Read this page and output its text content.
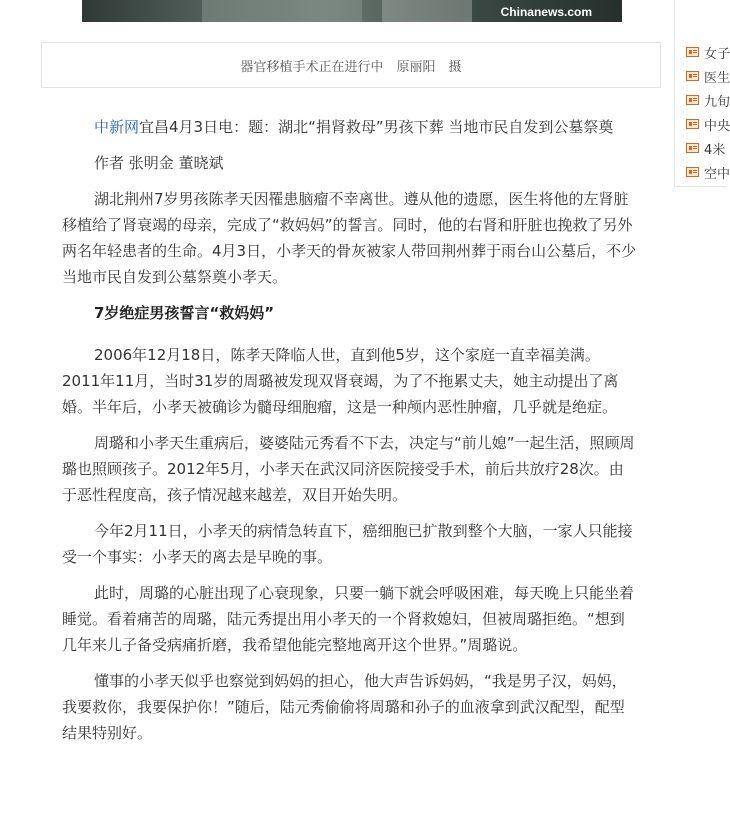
Chinanews.com
器官移植手术正在进行中　原丽阳　摄
女子
医生
九旬
中央
4米
空中

中新网宜昌4月3日电：题：湖北“捐肾救母”男孩下葬 当地市民自发到公墓祭奠

作者 张明金 董晓斌

湖北荆州7岁男孩陈孝天因罹患脑瘤不幸离世。遵从他的遗愿，医生将他的左肾脏移植给了肾衰竭的母亲，完成了“救妈妈”的誓言。同时，他的右肾和肝脏也挽救了另外两名年轻患者的生命。4月3日，小孝天的骨灰被家人带回荆州葬于雨台山公墓后，不少当地市民自发到公墓祭奠小孝天。

7岁绝症男孩誓言“救妈妈”

2006年12月18日，陈孝天降临人世，直到他5岁，这个家庭一直幸福美满。2011年11月，当时31岁的周璐被发现双肾衰竭，为了不拖累丈夫，她主动提出了离婚。半年后，小孝天被确诊为髓母细胞瘤，这是一种颅内恶性肿瘤，几乎就是绝症。

周璐和小孝天生重病后，婆婆陆元秀看不下去，决定与“前儿媳”一起生活，照顾周璐也照顾孩子。2012年5月，小孝天在武汉同济医院接受手术，前后共放疗28次。由于恶性程度高，孩子情况越来越差，双目开始失明。

今年2月11日，小孝天的病情急转直下，癌细胞已扩散到整个大脑，一家人只能接受一个事实：小孝天的离去是早晚的事。

此时，周璐的心脏出现了心衰现象，只要一躺下就会呼吸困难，每天晚上只能坐着睡觉。看着痛苦的周璐，陆元秀提出用小孝天的一个肾救媳妇，但被周璐拒绝。“想到几年来儿子备受病痛折磨，我希望他能完整地离开这个世界。”周璐说。

懂事的小孝天似乎也察觉到妈妈的担心，他大声告诉妈妈，“我是男子汉，妈妈，我要救你，我要保护你！”随后，陆元秀偷偷将周璐和孙子的血液拿到武汉配型，配型结果特别好。
